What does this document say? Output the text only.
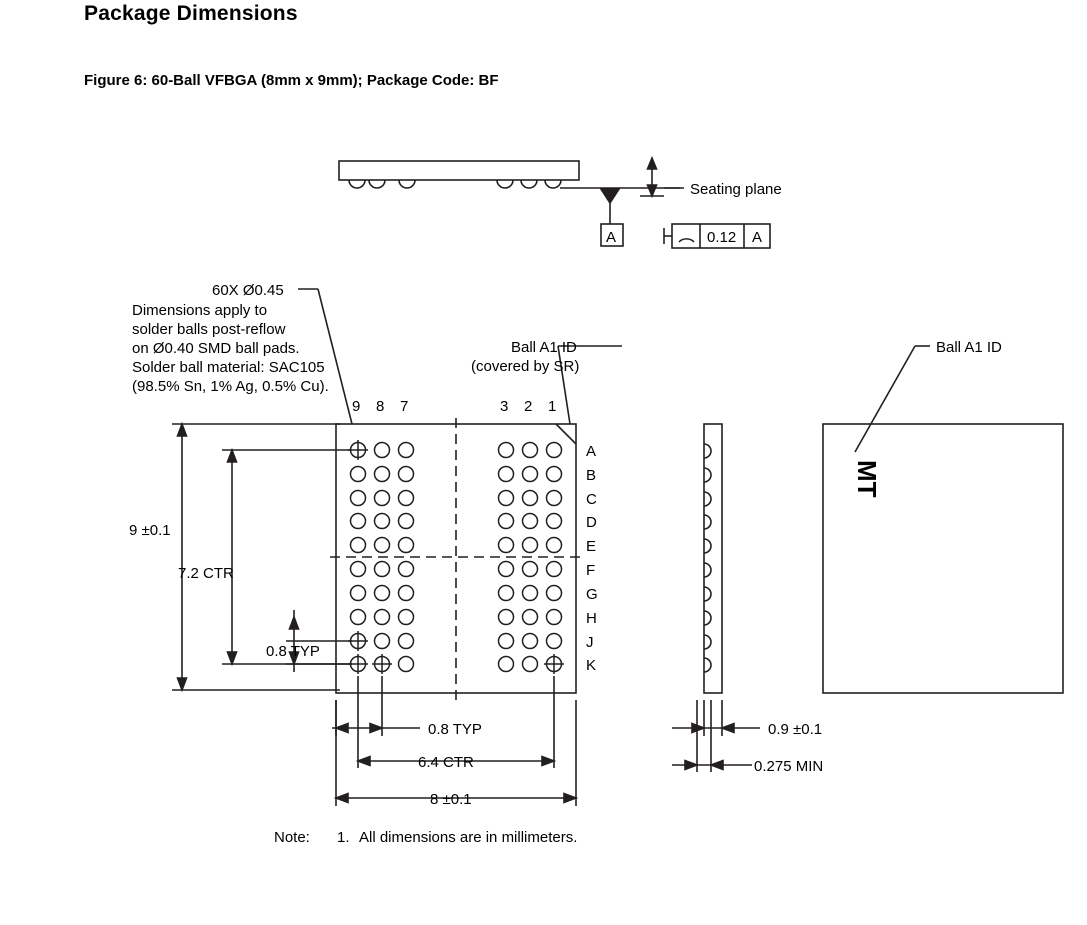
Package Dimensions
Figure 6: 60-Ball VFBGA (8mm x 9mm); Package Code: BF
Seating plane
A	0.12 A
60X Ø0.45
Dimensions apply to
solder balls post-reflow
on Ø0.40 SMD ball pads.
Solder ball material: SAC105
(98.5% Sn, 1% Ag, 0.5% Cu).
Ball A1 ID
(covered by SR)
Ball A1 ID
9 8 7	3 2 1
A
B
C
D
E
F
G
H
J
K
9 ±0.1
7.2 CTR
0.8 TYP
0.8 TYP
6.4 CTR
8 ±0.1
0.9 ±0.1
0.275 MIN
MT
Note: 1. All dimensions are in millimeters.
